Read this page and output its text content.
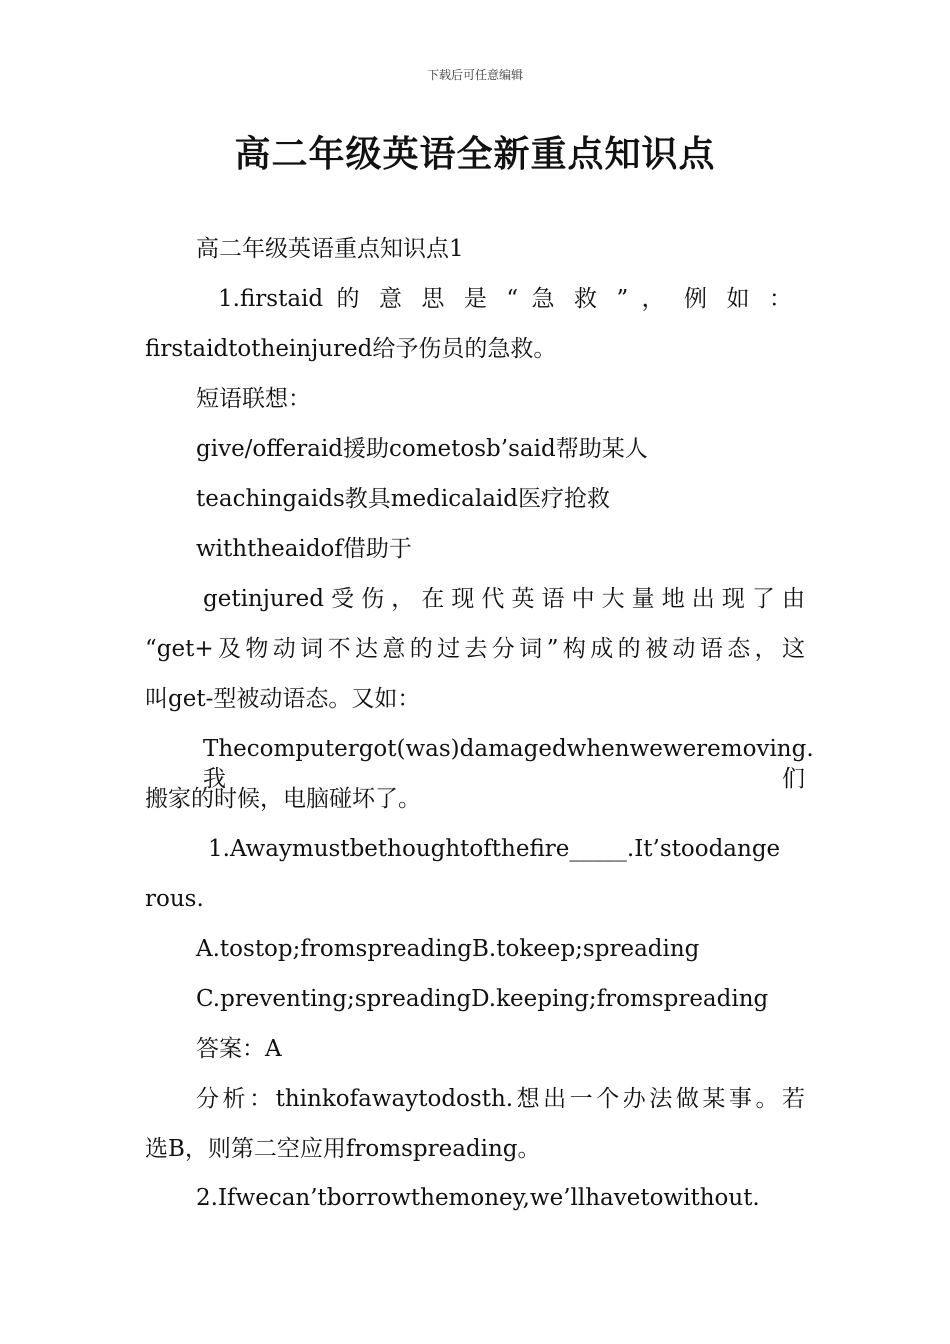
下载后可任意编辑
高二年级英语全新重点知识点
高二年级英语重点知识点1
1.firstaid 的 意 思 是 “ 急 救 ” ， 例 如 ：
firstaidtotheinjured给予伤员的急救。
短语联想：
give/offeraid援助cometosb’said帮助某人
teachingaids教具medicalaid医疗抢救
withtheaidof借助于
getinjured受伤，在现代英语中大量地出现了由
“get+及物动词不达意的过去分词”构成的被动语态，这
叫get-型被动语态。又如：
Thecomputergot(was)damagedwhenweweremoving.我们
搬家的时候，电脑碰坏了。
1.Awaymustbethoughtofthefire_____.It’stoodange
rous.
A.tostop;fromspreadingB.tokeep;spreading
C.preventing;spreadingD.keeping;fromspreading
答案：A
分析：thinkofawaytodosth.想出一个办法做某事。若
选B，则第二空应用fromspreading。
2.Ifwecan’tborrowthemoney,we’llhavetowithout.
